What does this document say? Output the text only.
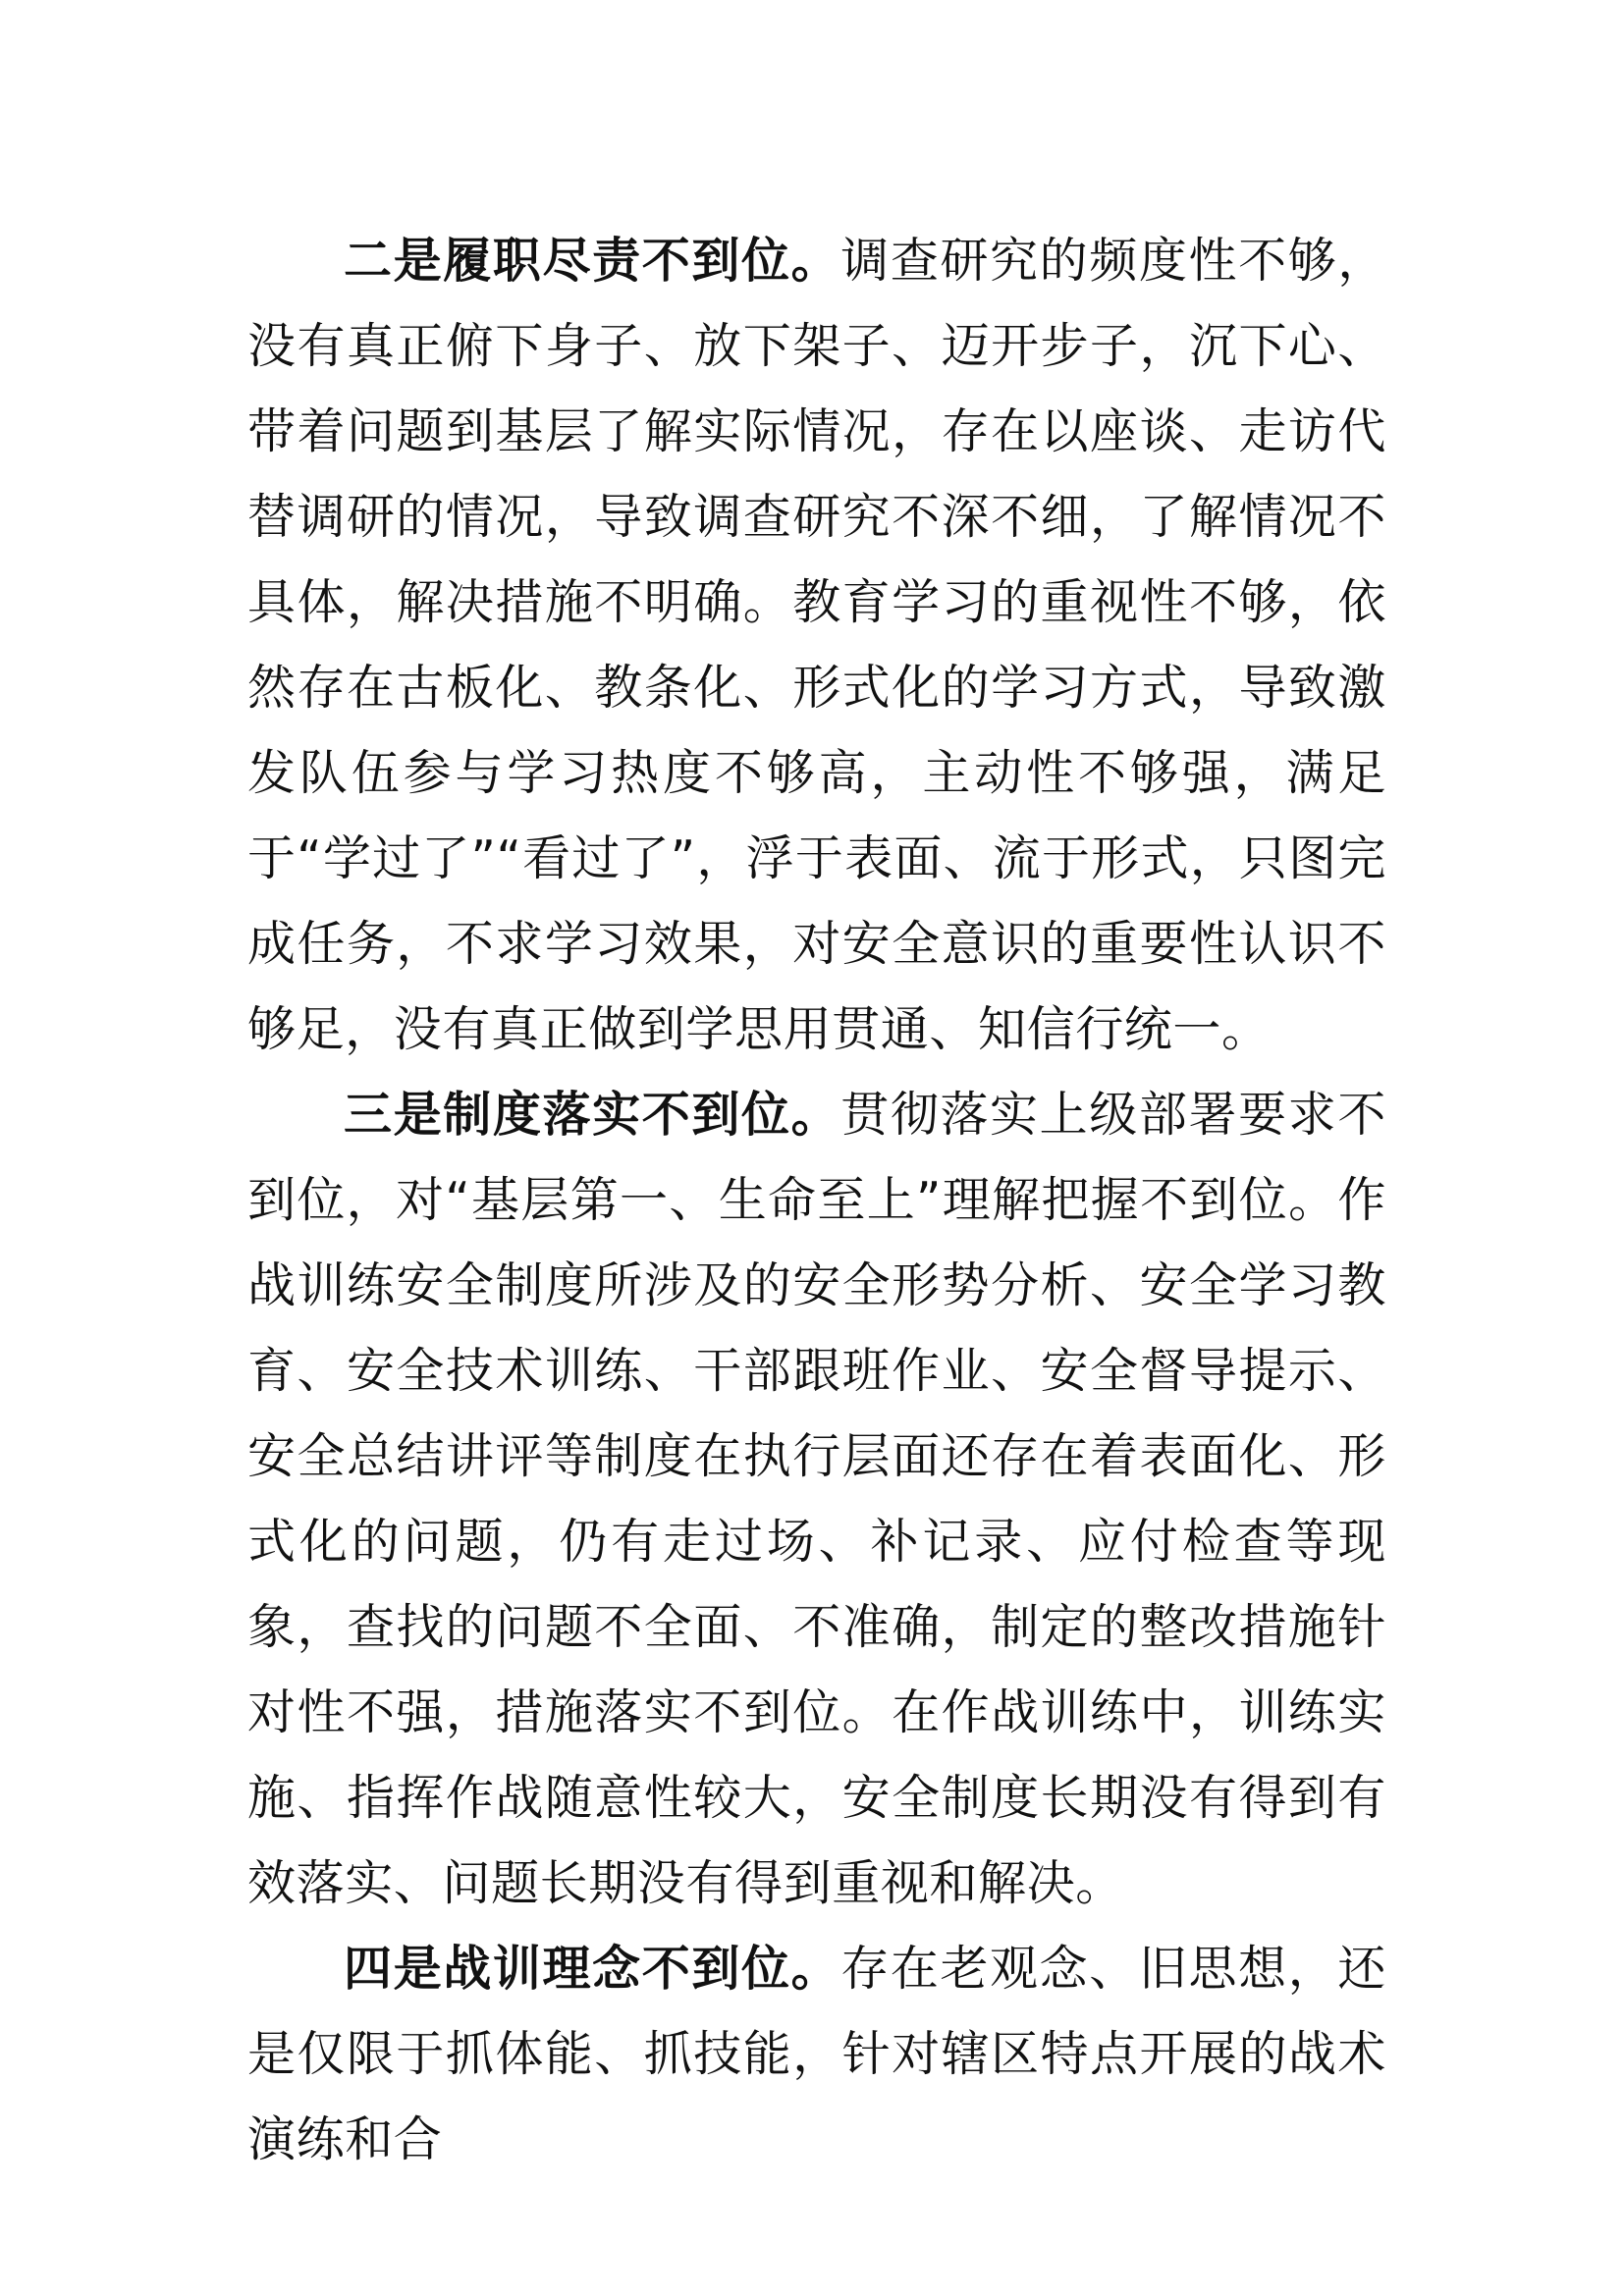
二是履职尽责不到位。调查研究的频度性不够，没有真正俯下身子、放下架子、迈开步子，沉下心、带着问题到基层了解实际情况，存在以座谈、走访代替调研的情况，导致调查研究不深不细，了解情况不具体，解决措施不明确。教育学习的重视性不够，依然存在古板化、教条化、形式化的学习方式，导致激发队伍参与学习热度不够高，主动性不够强，满足于“学过了”“看过了”，浮于表面、流于形式，只图完成任务，不求学习效果，对安全意识的重要性认识不够足，没有真正做到学思用贯通、知信行统一。

三是制度落实不到位。贯彻落实上级部署要求不到位，对“基层第一、生命至上”理解把握不到位。作战训练安全制度所涉及的安全形势分析、安全学习教育、安全技术训练、干部跟班作业、安全督导提示、安全总结讲评等制度在执行层面还存在着表面化、形式化的问题，仍有走过场、补记录、应付检查等现象，查找的问题不全面、不准确，制定的整改措施针对性不强，措施落实不到位。在作战训练中，训练实施、指挥作战随意性较大，安全制度长期没有得到有效落实、问题长期没有得到重视和解决。

四是战训理念不到位。存在老观念、旧思想，还是仅限于抓体能、抓技能，针对辖区特点开展的战术演练和合
